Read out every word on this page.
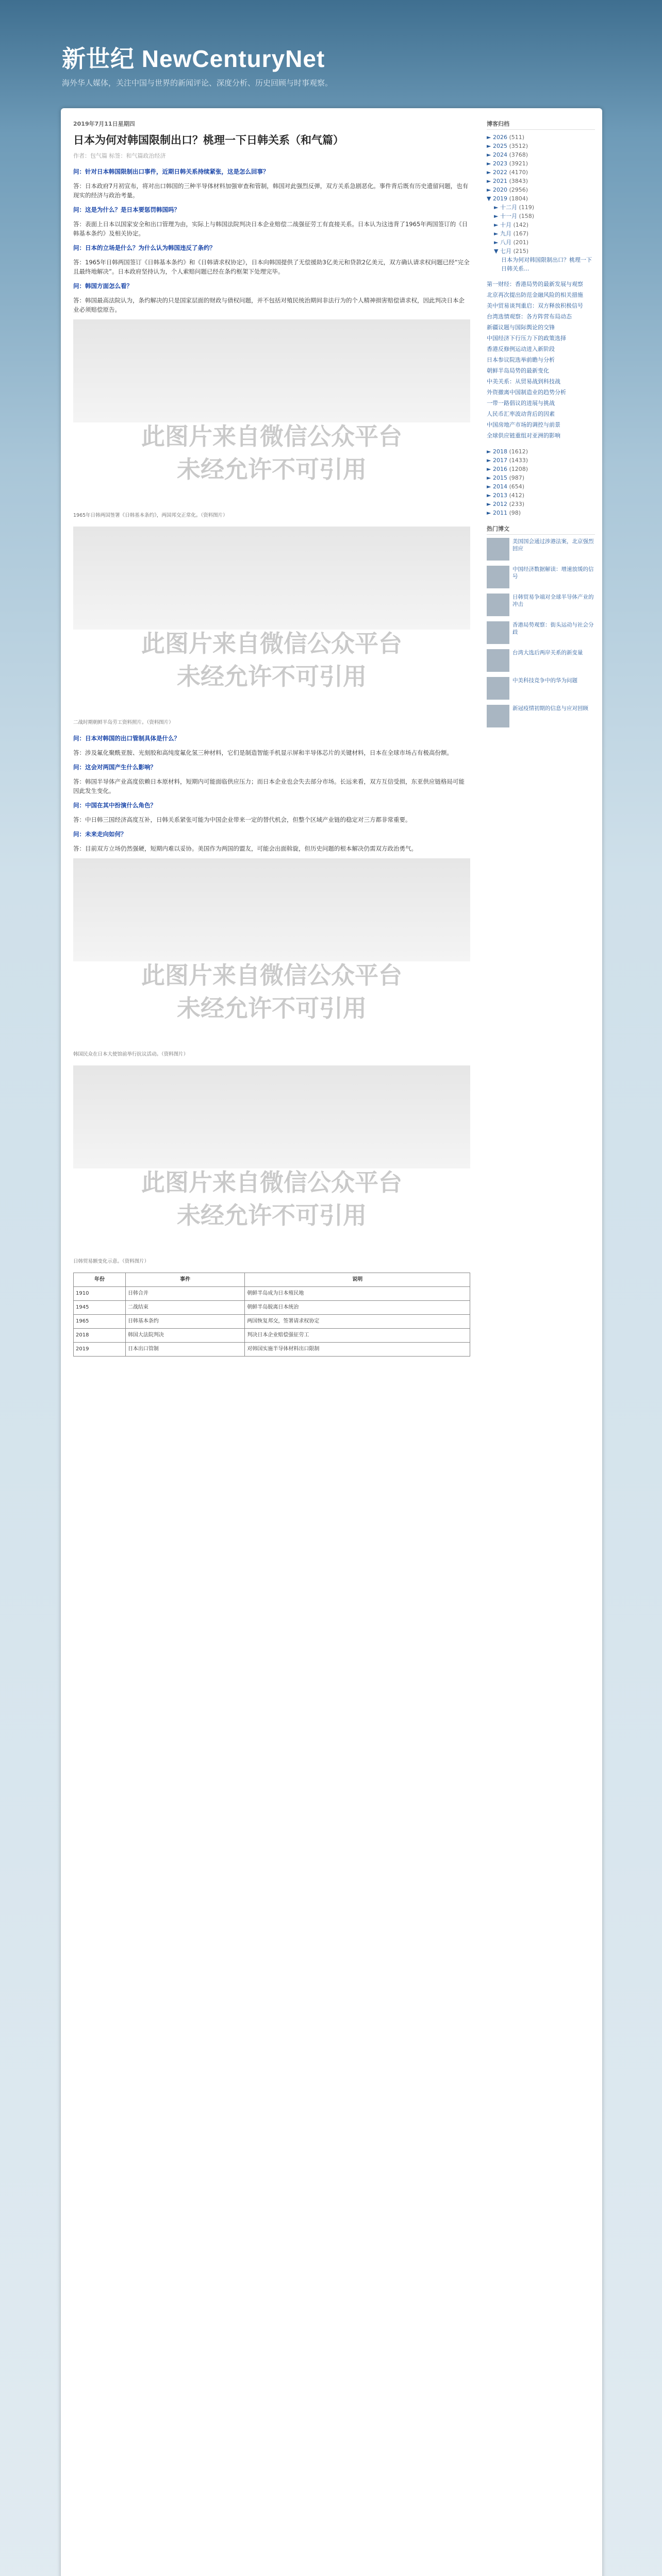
新世纪 NewCenturyNet
海外华人媒体，关注中国与世界的新闻评论、深度分析、历史回顾与时事观察。
2019年7月11日星期四
日本为何对韩国限制出口？桃理一下日韩关系（和气篇）
作者：包气篇 标签：和气篇政治经济

问：针对日本韩国限制出口事件，近期日韩关系持续紧张，这是怎么回事？

答：日本政府7月初宣布，将对出口韩国的三种半导体材料加强审查和管制，韩国对此强烈反弹，双方关系急剧恶化。事件背后既有历史遗留问题，也有现实的经济与政治考量。

问：这是为什么？是日本要惩罚韩国吗？

答：表面上日本以国家安全和出口管理为由，实际上与韩国法院判决日本企业赔偿二战强征劳工有直接关系。日本认为这违背了1965年两国签订的《日韩基本条约》及相关协定。

问：日本的立场是什么？为什么认为韩国违反了条约？

答：1965年日韩两国签订《日韩基本条约》和《日韩请求权协定》，日本向韩国提供了无偿援助3亿美元和贷款2亿美元，双方确认请求权问题已经“完全且最终地解决”。日本政府坚持认为，个人索赔问题已经在条约框架下处理完毕。

问：韩国方面怎么看？

答：韩国最高法院认为，条约解决的只是国家层面的财政与债权问题，并不包括对殖民统治期间非法行为的个人精神损害赔偿请求权，因此判决日本企业必须赔偿原告。

此图片来自微信公众平台
未经允许不可引用
1965年日韩两国签署《日韩基本条约》，两国邦交正常化。（资料图片）
此图片来自微信公众平台
未经允许不可引用
二战时期朝鲜半岛劳工资料照片。（资料图片）

问：日本对韩国的出口管制具体是什么？

答：涉及氟化聚酰亚胺、光刻胶和高纯度氟化氢三种材料，它们是制造智能手机显示屏和半导体芯片的关键材料，日本在全球市场占有极高份额。

问：这会对两国产生什么影响？

答：韩国半导体产业高度依赖日本原材料，短期内可能面临供应压力；而日本企业也会失去部分市场。长远来看，双方互信受损，东亚供应链格局可能因此发生变化。

问：中国在其中扮演什么角色？

答：中日韩三国经济高度互补，日韩关系紧张可能为中国企业带来一定的替代机会，但整个区域产业链的稳定对三方都非常重要。

问：未来走向如何？

答：目前双方立场仍然强硬，短期内难以妥协。美国作为两国的盟友，可能会出面斡旋，但历史问题的根本解决仍需双方政治勇气。

此图片来自微信公众平台
未经允许不可引用
韩国民众在日本大使馆前举行抗议活动。（资料图片）
此图片来自微信公众平台
未经允许不可引用
日韩贸易额变化示意。（资料图片）
年份	事件	说明
1910	日韩合并	朝鲜半岛成为日本殖民地
1945	二战结束	朝鲜半岛脱离日本统治
1965	日韩基本条约	两国恢复邦交，签署请求权协定
2018	韩国大法院判决	判决日本企业赔偿强征劳工
2019	日本出口管制	对韩国实施半导体材料出口限制
博客归档
► 2026 (511)
► 2025 (3512)
► 2024 (3768)
► 2023 (3921)
► 2022 (4170)
► 2021 (3843)
► 2020 (2956)
▼ 2019 (1804)
► 十二月 (119)
► 十一月 (158)
► 十月 (142)
► 九月 (167)
► 八月 (201)
▼ 七月 (215)
日本为何对韩国限制出口？桃理一下日韩关系...
第一财经：香港局势的最新发展与观察
北京再次提出防范金融风险的相关措施
美中贸易谈判重启：双方释放积极信号
台湾选情观察：各方阵营布局动态
新疆议题与国际舆论的交锋
中国经济下行压力下的政策选择
香港反修例运动进入新阶段
日本参议院选举前瞻与分析
朝鲜半岛局势的最新变化
中美关系：从贸易战到科技战
外资撤离中国制造业的趋势分析
一带一路倡议的进展与挑战
人民币汇率波动背后的因素
中国房地产市场的调控与前景
全球供应链重组对亚洲的影响
► 2018 (1612)
► 2017 (1433)
► 2016 (1208)
► 2015 (987)
► 2014 (654)
► 2013 (412)
► 2012 (233)
► 2011 (98)
热门博文
美国国会通过涉港法案，北京强烈回应
中国经济数据解读：增速放缓的信号
日韩贸易争端对全球半导体产业的冲击
香港局势观察：街头运动与社会分歧
台湾大选后两岸关系的新变量
中美科技竞争中的华为问题
新冠疫情初期的信息与应对回顾
